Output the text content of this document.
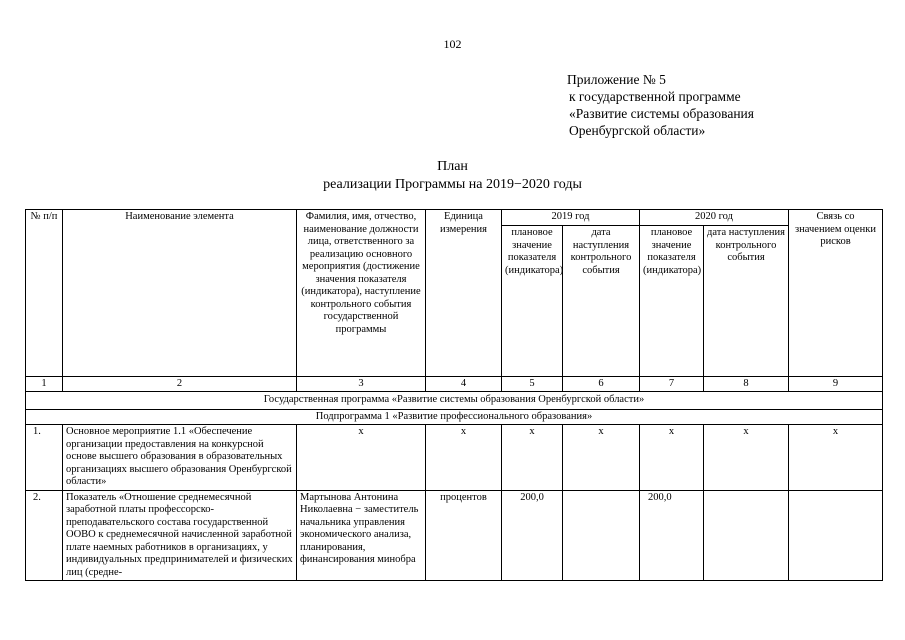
102
Приложение № 5
к государственной программе
«Развитие системы образования
Оренбургской области»
План
реализации Программы на 2019−2020 годы
№ п/п	Наименование элемента	Фамилия, имя, отчество, наименование должности лица, ответственного за реализацию основного мероприятия (достижение значения показателя (индикатора), наступление контрольного события государственной программы	Единица измерения	2019 год		2020 год		Связь со значением оценки рисков
				плановое значение показателя (индикатора)	дата наступления контрольного события	плановое значение показателя (индикатора)	дата наступления контрольного события	
1	2	3	4	5	6	7	8	9
Государственная программа «Развитие системы образования Оренбургской области»								
Подпрограмма 1 «Развитие профессионального образования»								
1.	Основное мероприятие 1.1 «Обеспечение организации предоставления на конкурсной основе высшего образования в образовательных организациях высшего образования Оренбургской области»	х	х	х	х	х	х	х
2.	Показатель «Отношение среднемесячной заработной платы профессорско-преподавательского состава государственной ООВО к среднемесячной начисленной заработной плате наемных работников в организациях, у индивидуальных предпринимателей и физических лиц (средне-	Мартынова Антонина Николаевна − заместитель начальника управления экономического анализа, планирования, финансирования минобра	процентов	200,0		200,0		
